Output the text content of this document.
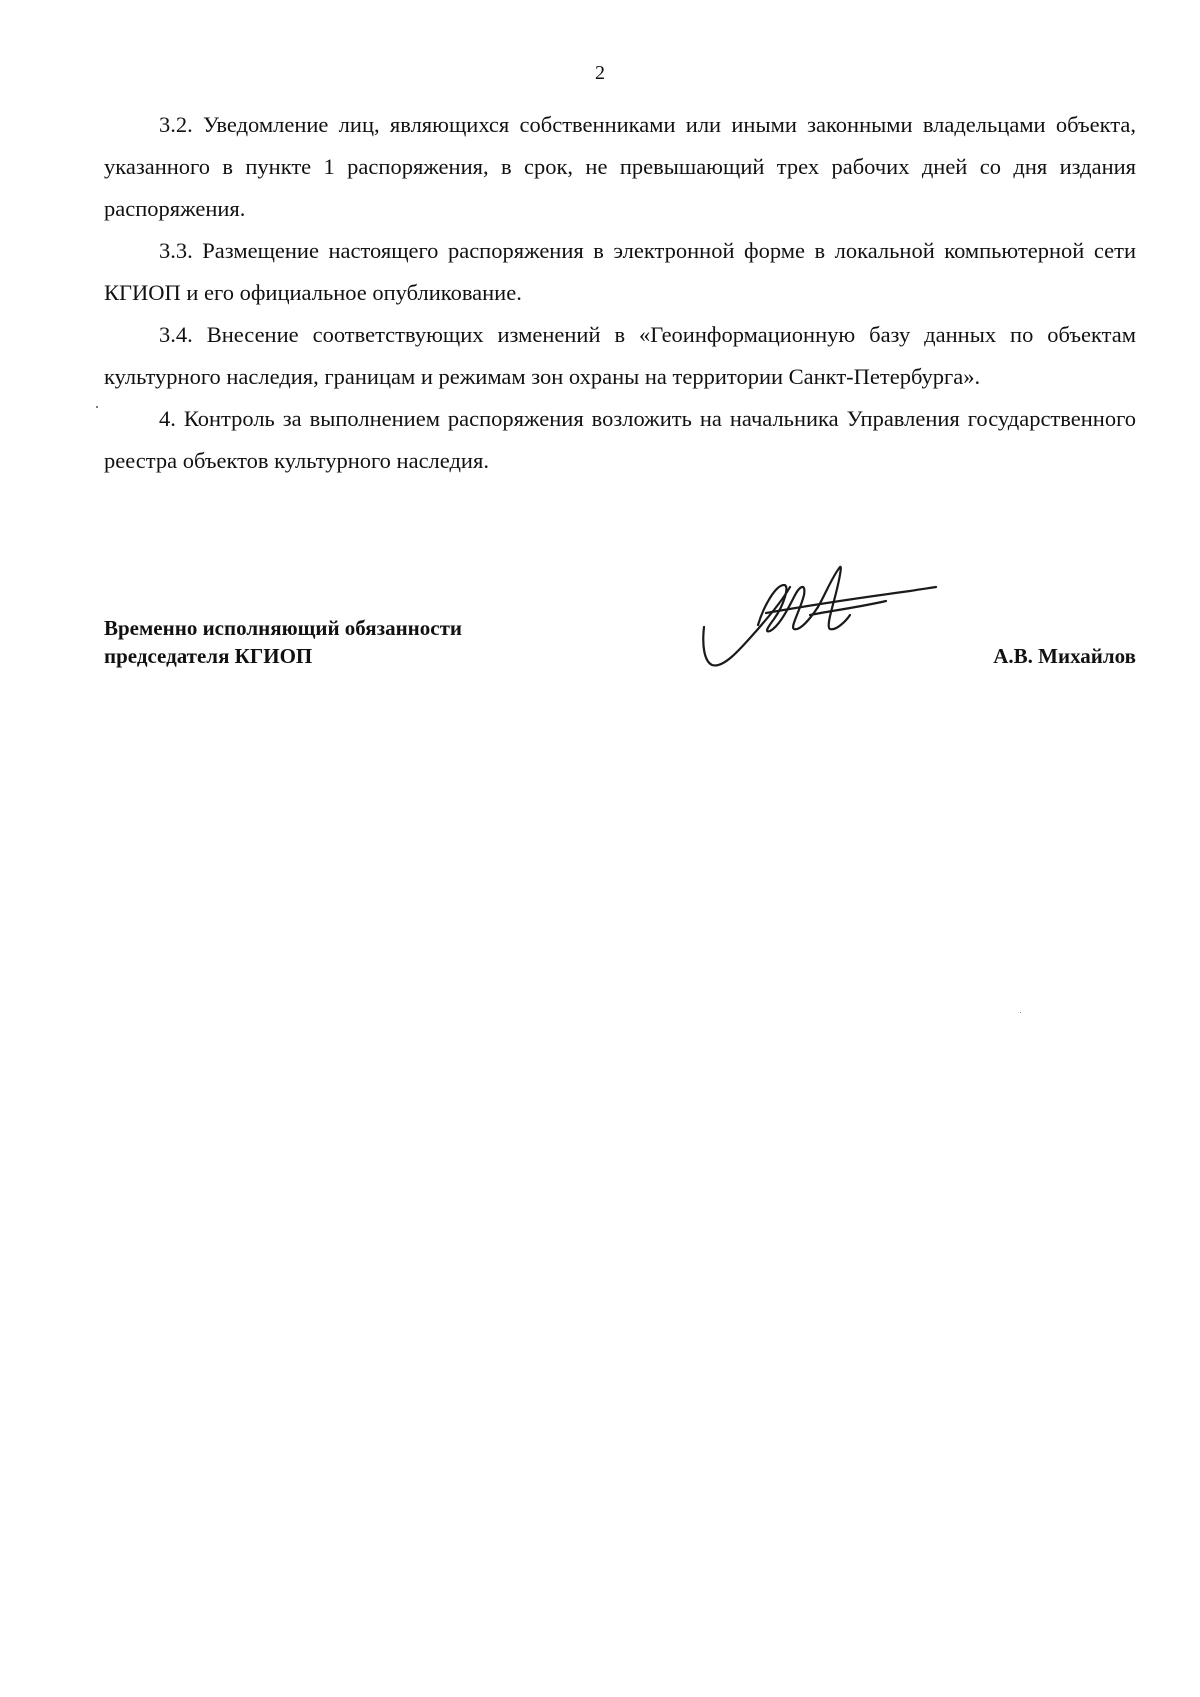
2

3.2. Уведомление лиц, являющихся собственниками или иными законными владельцами объекта, указанного в пункте 1 распоряжения, в срок, не превышающий трех рабочих дней со дня издания распоряжения.

3.3. Размещение настоящего распоряжения в электронной форме в локальной компьютерной сети КГИОП и его официальное опубликование.

3.4. Внесение соответствующих изменений в «Геоинформационную базу данных по объектам культурного наследия, границам и режимам зон охраны на территории Санкт-Петербурга».

4. Контроль за выполнением распоряжения возложить на начальника Управления государственного реестра объектов культурного наследия.

Временно исполняющий обязанности
председателя КГИОП	А.В. Михайлов
